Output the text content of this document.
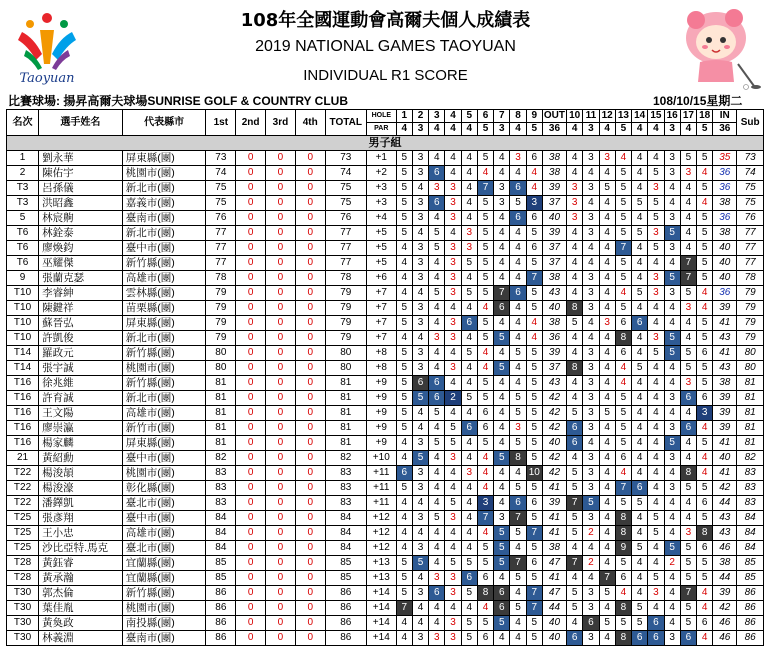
Taoyuan
108年全國運動會高爾夫個人成績表
2019 NATIONAL GAMES TAOYUAN
INDIVIDUAL R1 SCORE
比賽球場: 揚昇高爾夫球場SUNRISE GOLF & COUNTRY CLUB	108/10/15星期二
名次	選手姓名	代表縣市	1st	2nd	3rd	4th	TOTAL	HOLE	1	2	3	4	5	6	7	8	9	OUT	10	11	12	13	14	15	16	17	18	IN	Sub
								PAR	4	3	4	4	4	5	3	4	5	36	4	3	4	5	4	4	3	4	5	36	
男子組																													
1	劉永華	屏東縣(團)	73	0	0	0	73	+1	5	3	4	4	4	5	4	3	6	38	4	3	3	4	4	4	3	5	5	35	73
2	陳佑宇	桃園市(團)	74	0	0	0	74	+2	5	3	6	4	4	4	4	4	4	38	4	4	4	5	4	5	3	3	4	36	74
T3	呂孫儀	新北市(團)	75	0	0	0	75	+3	5	4	3	3	4	7	3	6	4	39	3	3	5	5	4	3	4	4	5	36	75
T3	洪昭鑫	嘉義市(團)	75	0	0	0	75	+3	5	3	6	3	4	5	3	5	3	37	3	4	4	5	5	5	4	4	4	38	75
5	林宸齁	臺南市(團)	76	0	0	0	76	+4	5	3	4	3	4	5	4	6	6	40	3	3	4	5	4	5	3	4	5	36	76
T6	林銓泰	新北市(團)	77	0	0	0	77	+5	5	4	5	4	3	5	4	4	5	39	4	3	4	5	5	3	5	4	5	38	77
T6	廖煥鈞	臺中市(團)	77	0	0	0	77	+5	4	3	5	3	3	5	4	4	6	37	4	4	4	7	4	5	3	4	5	40	77
T6	巫耀傑	新竹縣(團)	77	0	0	0	77	+5	4	3	4	3	5	5	4	4	5	37	4	4	4	5	4	4	4	7	5	40	77
9	張蘭克瑟	高雄市(團)	78	0	0	0	78	+6	4	3	4	3	4	5	4	4	7	38	4	3	4	5	4	3	5	7	5	40	78
T10	李睿紳	雲林縣(團)	79	0	0	0	79	+7	4	4	5	3	5	5	7	6	5	43	4	3	4	4	5	3	3	5	4	36	79
T10	陳鍵祥	苗栗縣(團)	79	0	0	0	79	+7	5	3	4	4	4	4	6	4	5	40	8	3	4	5	4	4	4	3	4	39	79
T10	蘇晉弘	屏東縣(團)	79	0	0	0	79	+7	5	3	4	3	6	5	4	4	4	38	5	4	3	6	6	4	4	4	5	41	79
T10	許凱俊	新北市(團)	79	0	0	0	79	+7	4	4	3	3	4	5	5	4	4	36	4	4	4	8	4	3	5	4	5	43	79
T14	羅政元	新竹縣(團)	80	0	0	0	80	+8	5	3	4	4	5	4	4	5	5	39	4	3	4	6	4	5	5	5	6	41	80
T14	張宇誠	桃園市(團)	80	0	0	0	80	+8	5	3	4	3	4	4	5	4	5	37	8	3	4	4	5	4	4	5	5	43	80
T16	徐兆維	新竹縣(團)	81	0	0	0	81	+9	5	6	6	4	4	5	4	4	5	43	4	3	4	4	4	4	4	3	5	38	81
T16	許育誠	新北市(團)	81	0	0	0	81	+9	5	5	6	2	5	5	4	5	5	42	4	3	4	5	4	4	3	6	6	39	81
T16	王文陽	高雄市(團)	81	0	0	0	81	+9	5	4	5	4	4	6	4	5	5	42	5	3	5	5	4	4	4	4	3	39	81
T16	廖崇瀛	新竹市(團)	81	0	0	0	81	+9	5	4	4	5	6	6	4	3	5	42	6	3	4	5	4	4	3	6	4	39	81
T16	楊家麟	屏東縣(團)	81	0	0	0	81	+9	4	3	5	5	4	5	4	5	5	40	6	4	4	5	4	4	5	4	5	41	81
21	黃紹勳	臺中市(團)	82	0	0	0	82	+10	4	5	4	3	4	4	5	8	5	42	4	3	4	6	4	4	3	4	4	40	82
T22	楊浚頡	桃園市(團)	83	0	0	0	83	+11	6	3	4	4	3	4	4	4	10	42	5	3	4	4	4	4	4	8	4	41	83
T22	楊浚濠	彰化縣(團)	83	0	0	0	83	+11	5	3	4	4	4	4	4	5	5	41	5	3	4	7	6	4	3	5	5	42	83
T22	潘鐸凱	臺北市(團)	83	0	0	0	83	+11	4	4	4	5	4	3	4	6	6	39	7	5	4	5	5	4	4	4	6	44	83
T25	張彥翔	臺中市(團)	84	0	0	0	84	+12	4	3	5	3	4	7	3	7	5	41	5	3	4	8	4	5	4	4	5	43	84
T25	王小忠	高雄市(團)	84	0	0	0	84	+12	4	4	4	4	4	4	5	5	7	41	5	2	4	8	4	5	4	3	8	43	84
T25	沙比亞特.馬克	臺北市(團)	84	0	0	0	84	+12	4	3	4	4	4	5	5	4	5	38	4	4	4	9	5	4	5	5	6	46	84
T28	黃鈺睿	宜蘭縣(團)	85	0	0	0	85	+13	5	5	4	5	5	5	5	7	6	47	7	2	4	5	4	4	2	5	5	38	85
T28	黃承瀚	宜蘭縣(團)	85	0	0	0	85	+13	5	4	3	3	6	6	4	5	5	41	4	4	7	6	4	5	4	5	5	44	85
T30	郭杰倫	新竹縣(團)	86	0	0	0	86	+14	5	3	6	3	5	8	6	4	7	47	5	3	5	4	4	3	4	7	4	39	86
T30	葉佳胤	桃園市(團)	86	0	0	0	86	+14	7	4	4	4	4	4	6	5	7	44	5	3	4	8	5	4	4	5	4	42	86
T30	黃奐政	南投縣(團)	86	0	0	0	86	+14	4	4	4	3	5	5	5	4	5	40	4	6	5	5	5	6	4	5	6	46	86
T30	林義淵	臺南市(團)	86	0	0	0	86	+14	4	3	3	3	5	6	4	4	5	40	6	3	4	8	6	6	3	6	4	46	86
